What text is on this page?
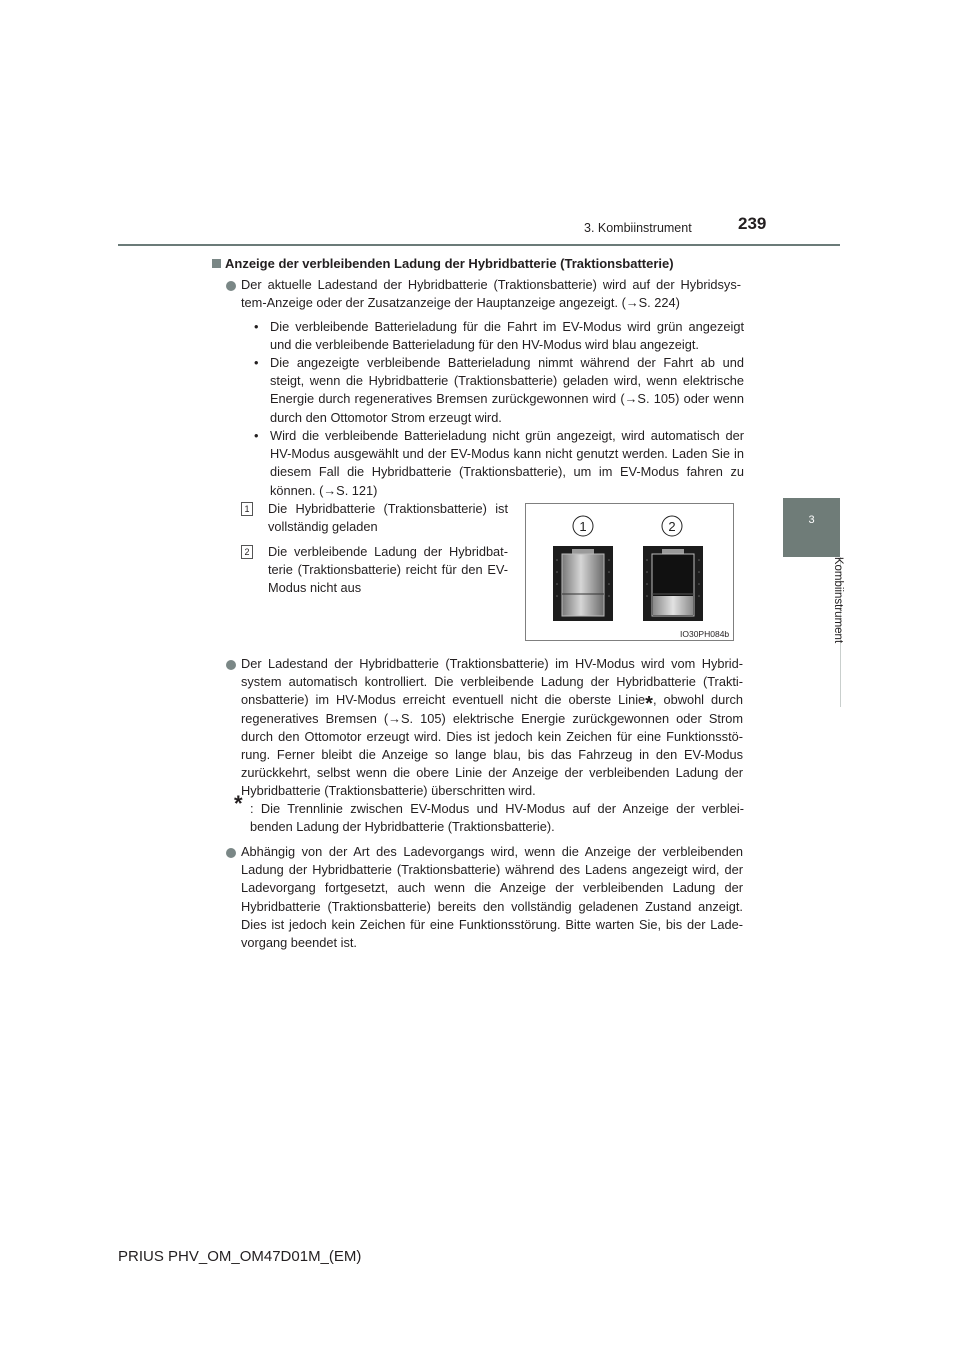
3. Kombiinstrument	239
3
Kombiinstrument
Anzeige der verbleibenden Ladung der Hybridbatterie (Traktionsbatterie)
Der aktuelle Ladestand der Hybridbatterie (Traktionsbatterie) wird auf der Hybridsys-
tem-Anzeige oder der Zusatzanzeige der Hauptanzeige angezeigt. (→S. 224)
• Die verbleibende Batterieladung für die Fahrt im EV-Modus wird grün angezeigt und die verbleibende Batterieladung für den HV-Modus wird blau angezeigt.
• Die angezeigte verbleibende Batterieladung nimmt während der Fahrt ab und steigt, wenn die Hybridbatterie (Traktionsbatterie) geladen wird, wenn elektrische Energie durch regeneratives Bremsen zurückgewonnen wird (→S. 105) oder wenn durch den Ottomotor Strom erzeugt wird.
• Wird die verbleibende Batterieladung nicht grün angezeigt, wird automatisch der HV-Modus ausgewählt und der EV-Modus kann nicht genutzt werden. Laden Sie in diesem Fall die Hybridbatterie (Traktionsbatterie), um im EV-Modus fahren zu können. (→S. 121)
1 Die Hybridbatterie (Traktionsbatterie) ist vollständig geladen
2 Die verbleibende Ladung der Hybridbat-terie (Traktionsbatterie) reicht für den EV-Modus nicht aus
1	2
IO30PH084b
Der Ladestand der Hybridbatterie (Traktionsbatterie) im HV-Modus wird vom Hybrid-system automatisch kontrolliert. Die verbleibende Ladung der Hybridbatterie (Trakti-onsbatterie) im HV-Modus erreicht eventuell nicht die oberste Linie*, obwohl durch regeneratives Bremsen (→S. 105) elektrische Energie zurückgewonnen oder Strom durch den Ottomotor erzeugt wird. Dies ist jedoch kein Zeichen für eine Funktionsstö-rung. Ferner bleibt die Anzeige so lange blau, bis das Fahrzeug in den EV-Modus zurückkehrt, selbst wenn die obere Linie der Anzeige der verbleibenden Ladung der Hybridbatterie (Traktionsbatterie) überschritten wird.
* : Die Trennlinie zwischen EV-Modus und HV-Modus auf der Anzeige der verblei-benden Ladung der Hybridbatterie (Traktionsbatterie).
Abhängig von der Art des Ladevorgangs wird, wenn die Anzeige der verbleibenden Ladung der Hybridbatterie (Traktionsbatterie) während des Ladens angezeigt wird, der Ladevorgang fortgesetzt, auch wenn die Anzeige der verbleibenden Ladung der Hybridbatterie (Traktionsbatterie) bereits den vollständig geladenen Zustand anzeigt. Dies ist jedoch kein Zeichen für eine Funktionsstörung. Bitte warten Sie, bis der Lade-vorgang beendet ist.
PRIUS PHV_OM_OM47D01M_(EM)
